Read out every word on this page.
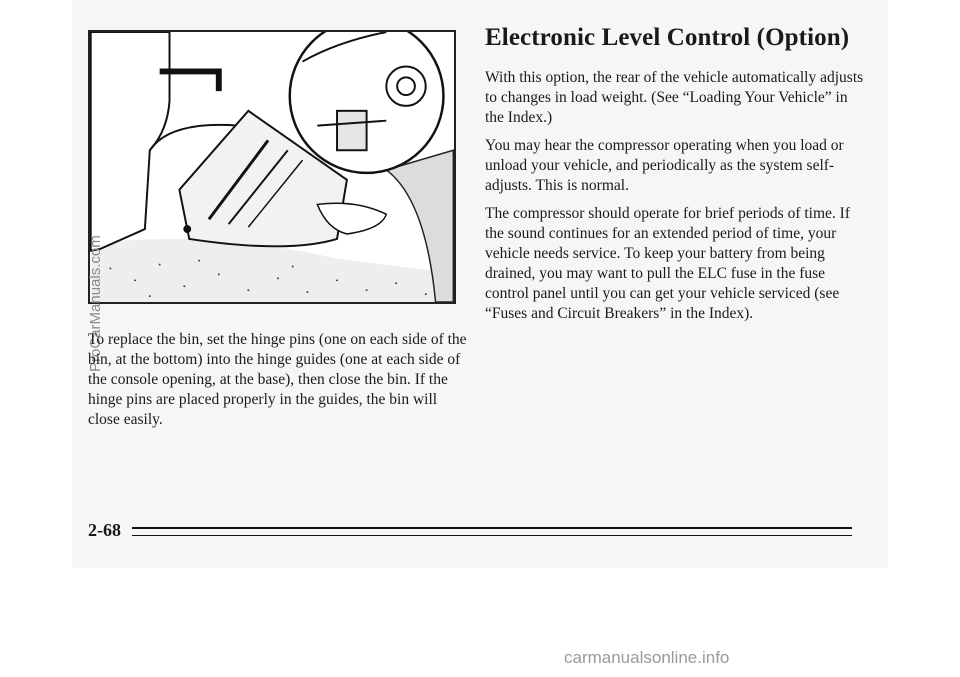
ProCarManuals.com

To replace the bin, set the hinge pins (one on each side of the bin, at the bottom) into the hinge guides (one at each side of the console opening, at the base), then close the bin. If the hinge pins are placed properly in the guides, the bin will close easily.

Electronic Level Control (Option)

With this option, the rear of the vehicle automatically adjusts to changes in load weight. (See “Loading Your Vehicle” in the Index.)

You may hear the compressor operating when you load or unload your vehicle, and periodically as the system self-adjusts. This is normal.

The compressor should operate for brief periods of time. If the sound continues for an extended period of time, your vehicle needs service. To keep your battery from being drained, you may want to pull the ELC fuse in the fuse control panel until you can get your vehicle serviced (see “Fuses and Circuit Breakers” in the Index).

2-68

carmanualsonline.info
